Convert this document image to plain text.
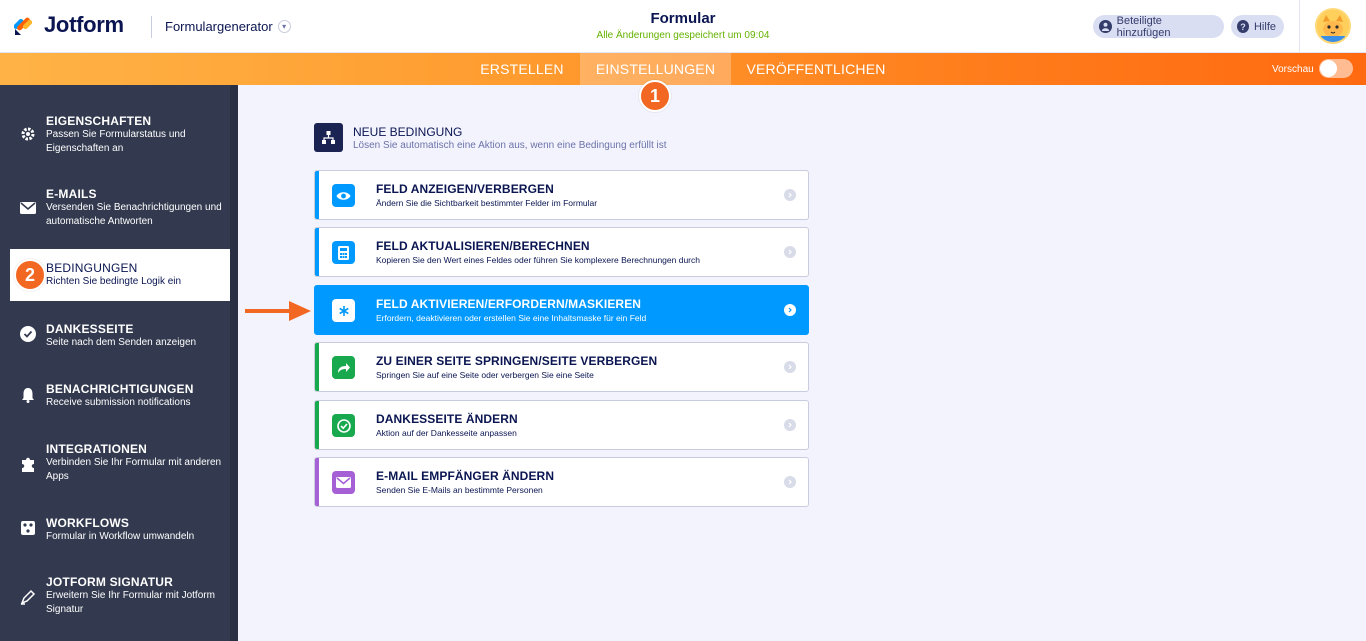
Jotform	Formulargenerator	▾	Formular
Alle Änderungen gespeichert um 09:04
Beteiligte hinzufügen	? Hilfe
ERSTELLEN	EINSTELLUNGEN	VERÖFFENTLICHEN	Vorschau
EIGENSCHAFTEN
Passen Sie Formularstatus und Eigenschaften an
E-MAILS
Versenden Sie Benachrichtigungen und automatische Antworten
BEDINGUNGEN
Richten Sie bedingte Logik ein
DANKESSEITE
Seite nach dem Senden anzeigen
BENACHRICHTIGUNGEN
Receive submission notifications
INTEGRATIONEN
Verbinden Sie Ihr Formular mit anderen Apps
WORKFLOWS
Formular in Workflow umwandeln
JOTFORM SIGNATUR
Erweitern Sie Ihr Formular mit Jotform Signatur
1
2
NEUE BEDINGUNG
Lösen Sie automatisch eine Aktion aus, wenn eine Bedingung erfüllt ist
FELD ANZEIGEN/VERBERGEN
Ändern Sie die Sichtbarkeit bestimmter Felder im Formular
FELD AKTUALISIEREN/BERECHNEN
Kopieren Sie den Wert eines Feldes oder führen Sie komplexere Berechnungen durch
FELD AKTIVIEREN/ERFORDERN/MASKIEREN
Erfordern, deaktivieren oder erstellen Sie eine Inhaltsmaske für ein Feld
ZU EINER SEITE SPRINGEN/SEITE VERBERGEN
Springen Sie auf eine Seite oder verbergen Sie eine Seite
DANKESSEITE ÄNDERN
Aktion auf der Dankesseite anpassen
E-MAIL EMPFÄNGER ÄNDERN
Senden Sie E-Mails an bestimmte Personen
